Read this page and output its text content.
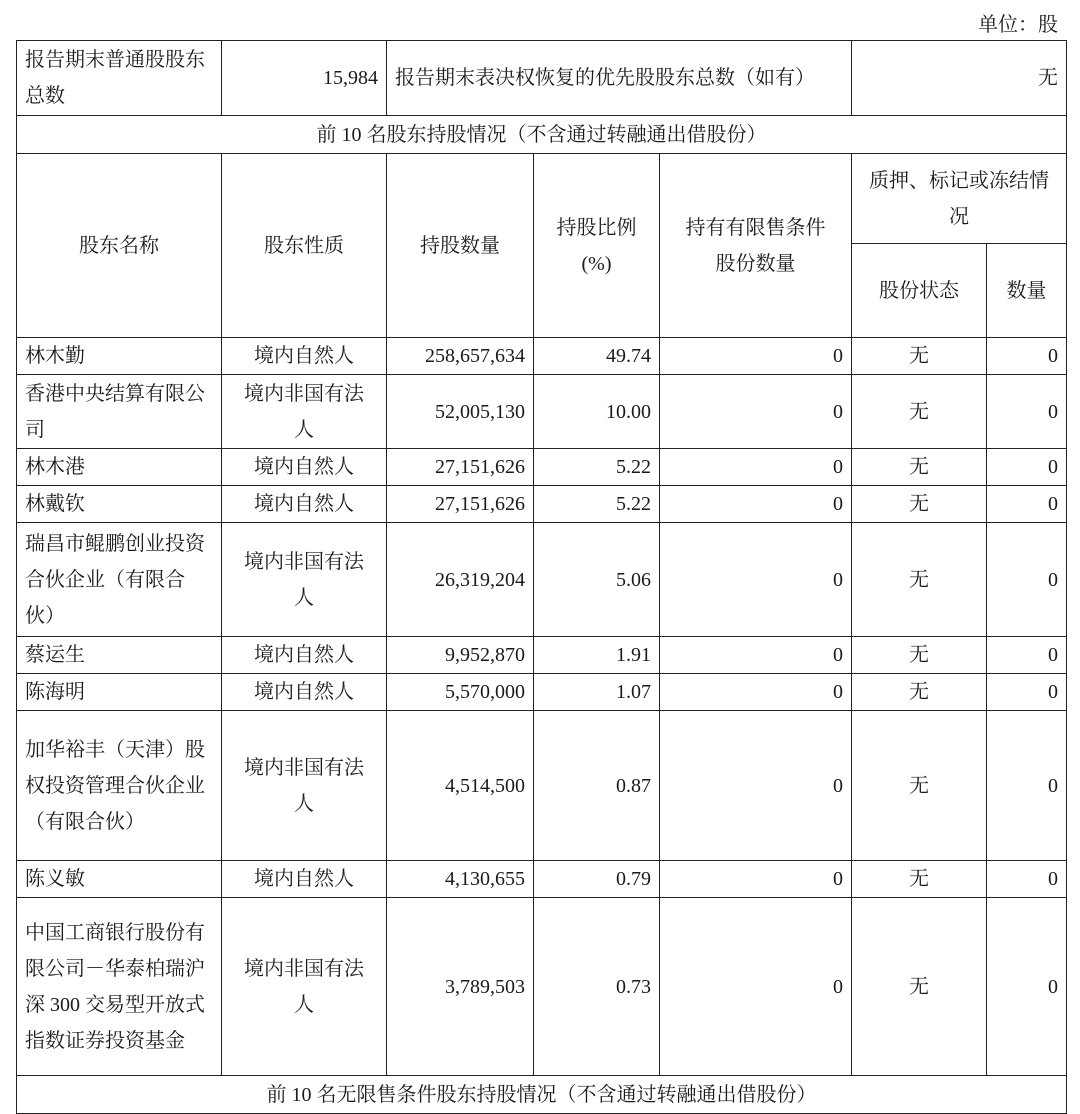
单位：股
报告期末普通股股东总数	15,984	报告期末表决权恢复的优先股股东总数（如有）			无	
前 10 名股东持股情况（不含通过转融通出借股份）						
股东名称	股东性质	持股数量	持股比例(%)	持有有限售条件股份数量	质押、标记或冻结情况	
					股份状态	数量
林木勤	境内自然人	258,657,634	49.74	0	无	0
香港中央结算有限公司	境内非国有法人	52,005,130	10.00	0	无	0
林木港	境内自然人	27,151,626	5.22	0	无	0
林戴钦	境内自然人	27,151,626	5.22	0	无	0
瑞昌市鲲鹏创业投资合伙企业（有限合伙）	境内非国有法人	26,319,204	5.06	0	无	0
蔡运生	境内自然人	9,952,870	1.91	0	无	0
陈海明	境内自然人	5,570,000	1.07	0	无	0
加华裕丰（天津）股权投资管理合伙企业（有限合伙）	境内非国有法人	4,514,500	0.87	0	无	0
陈义敏	境内自然人	4,130,655	0.79	0	无	0
中国工商银行股份有限公司－华泰柏瑞沪深 300 交易型开放式指数证券投资基金	境内非国有法人	3,789,503	0.73	0	无	0
前 10 名无限售条件股东持股情况（不含通过转融通出借股份）						
